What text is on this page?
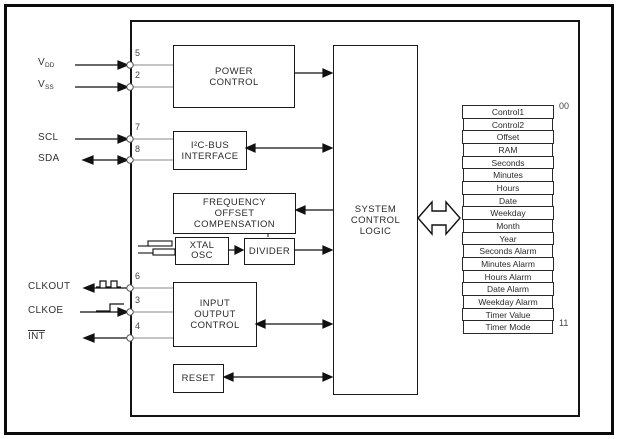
POWER
CONTROL
I²C-BUS
INTERFACE
FREQUENCY
OFFSET
COMPENSATION
XTAL
OSC	DIVIDER
SYSTEM
CONTROL
LOGIC
INPUT
OUTPUT
CONTROL
RESET
Control1
Control2
Offset
RAM
Seconds
Minutes
Hours
Date
Weekday
Month
Year
Seconds Alarm
Minutes Alarm
Hours Alarm
Date Alarm
Weekday Alarm
Timer Value
Timer Mode
00
11
$V_{DD}$
$V_{SS}$
SCL
SDA
CLKOUT
CLKOE
$\overline{INT}$
5
2
7
8
6
3
4
